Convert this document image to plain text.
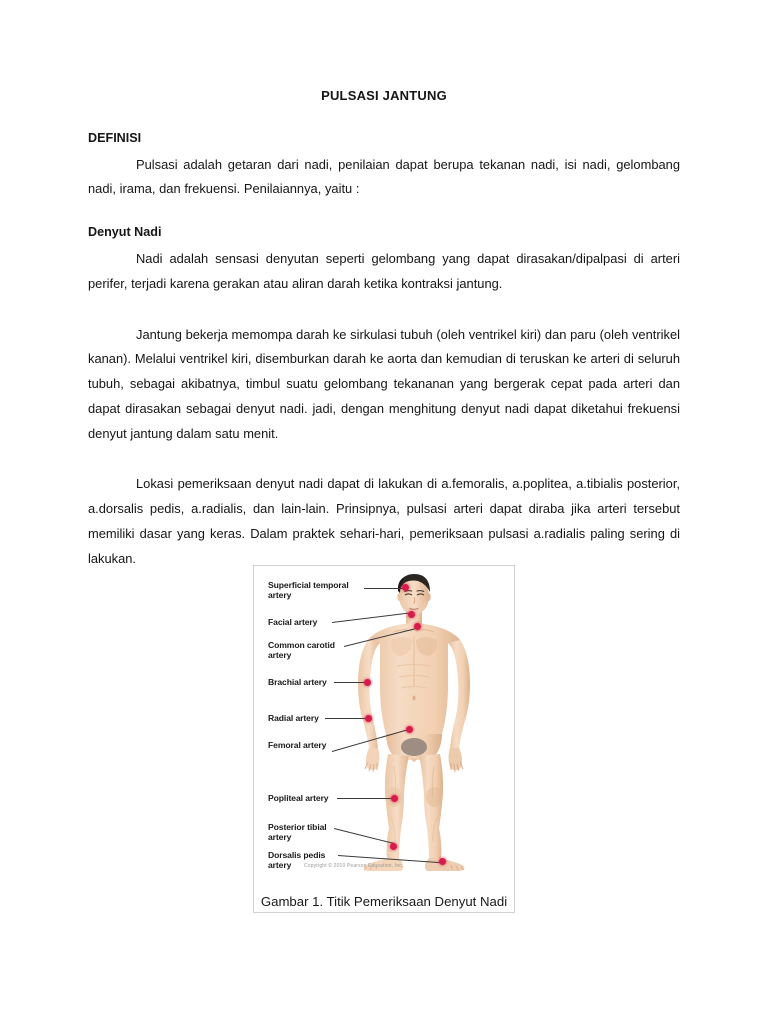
PULSASI JANTUNG
DEFINISI
Pulsasi adalah getaran dari nadi, penilaian dapat berupa tekanan nadi, isi nadi, gelombang nadi, irama, dan frekuensi. Penilaiannya, yaitu :
Denyut Nadi
Nadi adalah sensasi denyutan seperti gelombang yang dapat dirasakan/dipalpasi di arteri perifer, terjadi karena gerakan atau aliran darah ketika kontraksi jantung.
Jantung bekerja memompa darah ke sirkulasi tubuh (oleh ventrikel kiri) dan paru (oleh ventrikel kanan). Melalui ventrikel kiri, disemburkan darah ke aorta dan kemudian di teruskan ke arteri di seluruh tubuh, sebagai akibatnya, timbul suatu gelombang tekananan yang bergerak cepat pada arteri dan dapat dirasakan sebagai denyut nadi. jadi, dengan menghitung denyut nadi dapat diketahui frekuensi denyut jantung dalam satu menit.
Lokasi pemeriksaan denyut nadi dapat di lakukan di a.femoralis, a.poplitea, a.tibialis posterior, a.dorsalis pedis, a.radialis, dan lain-lain. Prinsipnya, pulsasi arteri dapat diraba jika arteri tersebut memiliki dasar yang keras. Dalam praktek sehari-hari, pemeriksaan pulsasi a.radialis paling sering di lakukan.
Superficial temporal
artery
Facial artery
Common carotid
artery
Brachial artery
Radial artery
Femoral artery
Popliteal artery
Posterior tibial
artery
Dorsalis pedis
artery	Copyright © 2010 Pearson Education, Inc.
Gambar 1. Titik Pemeriksaan Denyut Nadi
